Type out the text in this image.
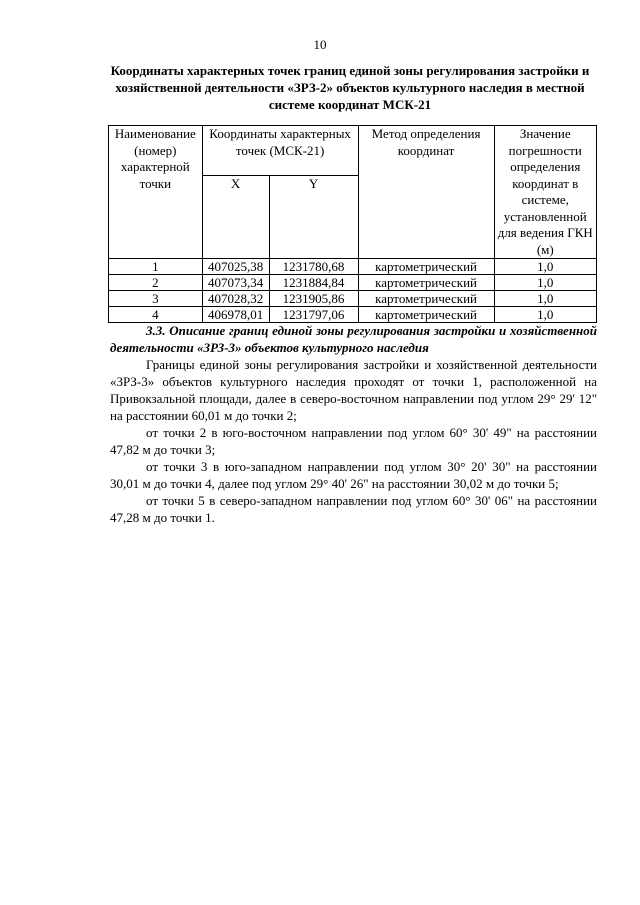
10
Координаты характерных точек границ единой зоны регулирования застройки и хозяйственной деятельности «ЗРЗ-2» объектов культурного наследия в местной системе координат МСК-21
Наименование (номер) характерной точки	Координаты характерных точек (МСК-21)		Метод определения координат	Значение погрешности определения координат в системе, установленной для ведения ГКН (м)
	X	Y		
1	407025,38	1231780,68	картометрический	1,0
2	407073,34	1231884,84	картометрический	1,0
3	407028,32	1231905,86	картометрический	1,0
4	406978,01	1231797,06	картометрический	1,0
3.3. Описание границ единой зоны регулирования застройки и хозяйственной деятельности «ЗРЗ-3» объектов культурного наследия

Границы единой зоны регулирования застройки и хозяйственной деятельности «ЗРЗ-3» объектов культурного наследия проходят от точки 1, расположенной на Привокзальной площади, далее в северо-восточном направлении под углом 29° 29' 12" на расстоянии 60,01 м до точки 2;

от точки 2 в юго-восточном направлении под углом 60° 30' 49" на расстоянии 47,82 м до точки 3;

от точки 3 в юго-западном направлении под углом 30° 20' 30" на расстоянии 30,01 м до точки 4, далее под углом 29° 40' 26" на расстоянии 30,02 м до точки 5;

от точки 5 в северо-западном направлении под углом 60° 30' 06" на расстоянии 47,28 м до точки 1.
